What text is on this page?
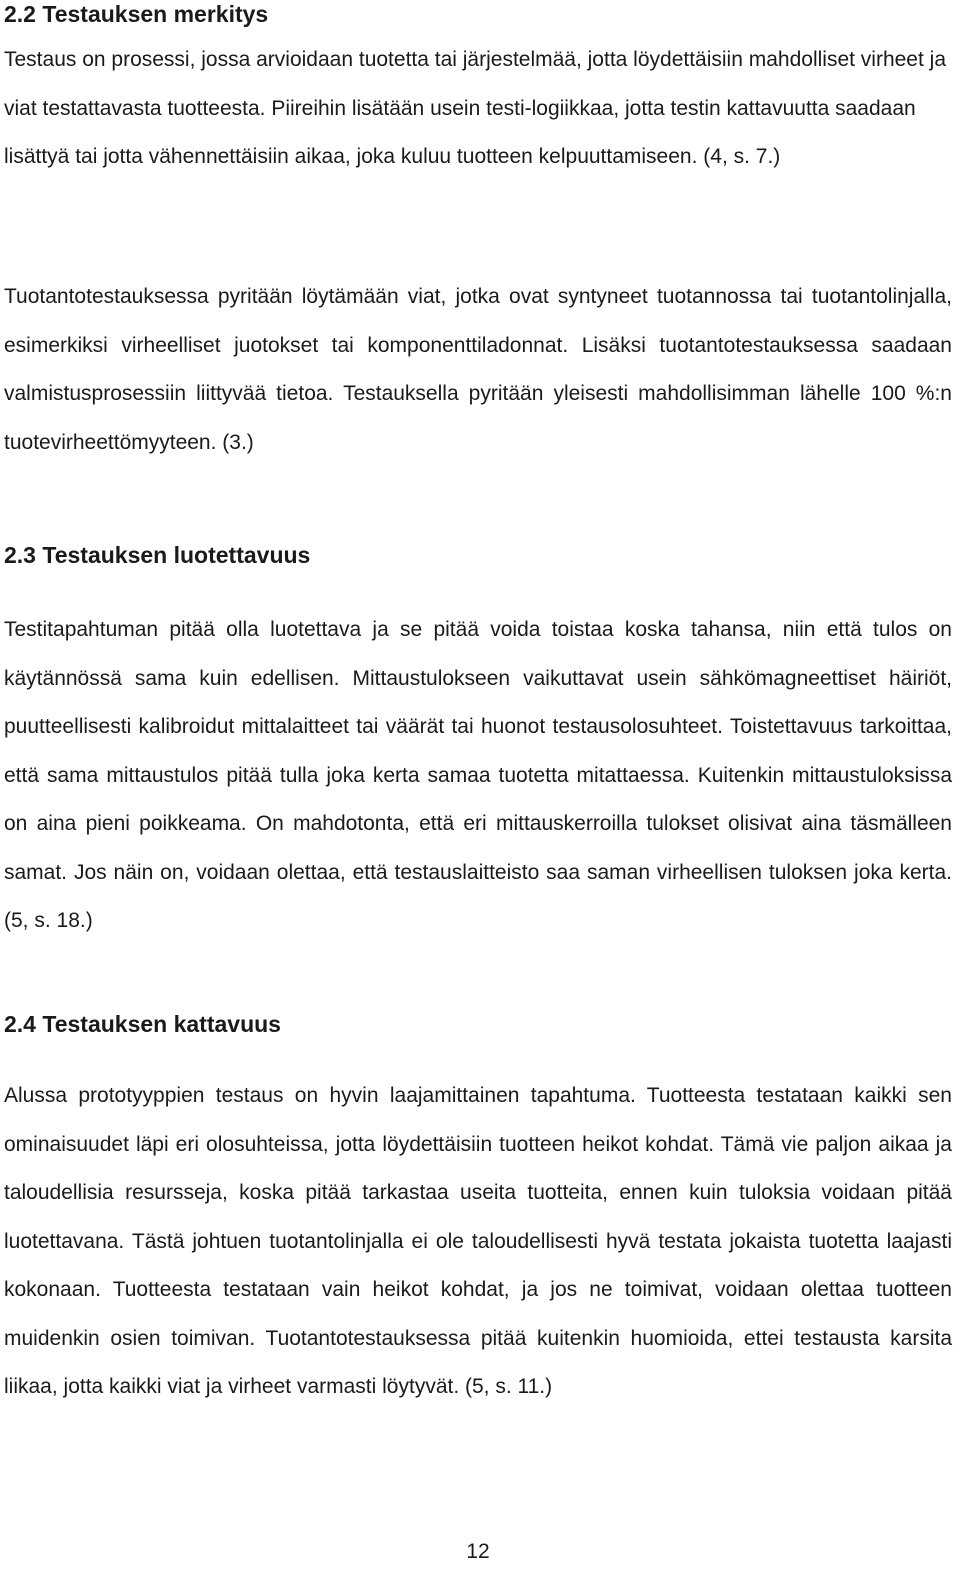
2.2 Testauksen merkitys

Testaus on prosessi, jossa arvioidaan tuotetta tai järjestelmää, jotta löydettäisiin mahdolliset virheet ja viat testattavasta tuotteesta. Piireihin lisätään usein testi-logiikkaa, jotta testin kattavuutta saadaan lisättyä tai jotta vähennettäisiin aikaa, joka kuluu tuotteen kelpuuttamiseen. (4, s. 7.)

Tuotantotestauksessa pyritään löytämään viat, jotka ovat syntyneet tuotannossa tai tuotantolinjalla, esimerkiksi virheelliset juotokset tai komponenttiladonnat. Lisäksi tuotantotestauksessa saadaan valmistusprosessiin liittyvää tietoa. Testauksella pyritään yleisesti mahdollisimman lähelle 100 %:n tuotevirheettömyyteen. (3.)

2.3 Testauksen luotettavuus

Testitapahtuman pitää olla luotettava ja se pitää voida toistaa koska tahansa, niin että tulos on käytännössä sama kuin edellisen. Mittaustulokseen vaikuttavat usein sähkömagneettiset häiriöt, puutteellisesti kalibroidut mittalaitteet tai väärät tai huonot testausolosuhteet. Toistettavuus tarkoittaa, että sama mittaustulos pitää tulla joka kerta samaa tuotetta mitattaessa. Kuitenkin mittaustuloksissa on aina pieni poikkeama. On mahdotonta, että eri mittauskerroilla tulokset olisivat aina täsmälleen samat. Jos näin on, voidaan olettaa, että testauslaitteisto saa saman virheellisen tuloksen joka kerta. (5, s. 18.)

2.4 Testauksen kattavuus

Alussa prototyyppien testaus on hyvin laajamittainen tapahtuma. Tuotteesta testataan kaikki sen ominaisuudet läpi eri olosuhteissa, jotta löydettäisiin tuotteen heikot kohdat. Tämä vie paljon aikaa ja taloudellisia resursseja, koska pitää tarkastaa useita tuotteita, ennen kuin tuloksia voidaan pitää luotettavana. Tästä johtuen tuotantolinjalla ei ole taloudellisesti hyvä testata jokaista tuotetta laajasti kokonaan. Tuotteesta testataan vain heikot kohdat, ja jos ne toimivat, voidaan olettaa tuotteen muidenkin osien toimivan. Tuotantotestauksessa pitää kuitenkin huomioida, ettei testausta karsita liikaa, jotta kaikki viat ja virheet varmasti löytyvät. (5, s. 11.)

12
